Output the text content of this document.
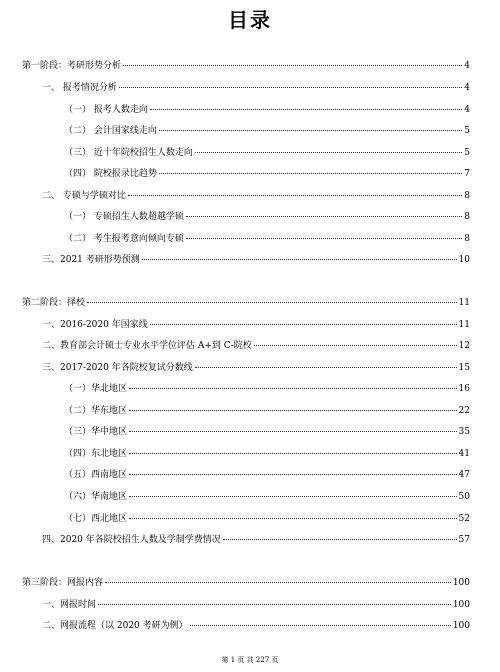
目录
第一阶段：考研形势分析	4
一、 报考情况分析	4
（一） 报考人数走向	4
（二） 会计国家线走向	5
（三） 近十年院校招生人数走向	5
（四） 院校报录比趋势	7
二、 专硕与学硕对比	8
（一） 专硕招生人数超越学硕	8
（二） 考生报考意向倾向专硕	8
三、2021 考研形势预测	10
第二阶段：择校	11
一、2016-2020 年国家线	11
二、教育部会计硕士专业水平学位评估 A+到 C-院校	12
三、2017-2020 年各院校复试分数线	15
（一）华北地区	16
（二）华东地区	22
（三）华中地区	35
（四）东北地区	41
（五）西南地区	47
（六）华南地区	50
（七）西北地区	52
四、2020 年各院校招生人数及学制学费情况	57
第三阶段：网报内容	100
一、网报时间	100
二、网报流程（以 2020 考研为例）	100
第 1 页 共 227 页
